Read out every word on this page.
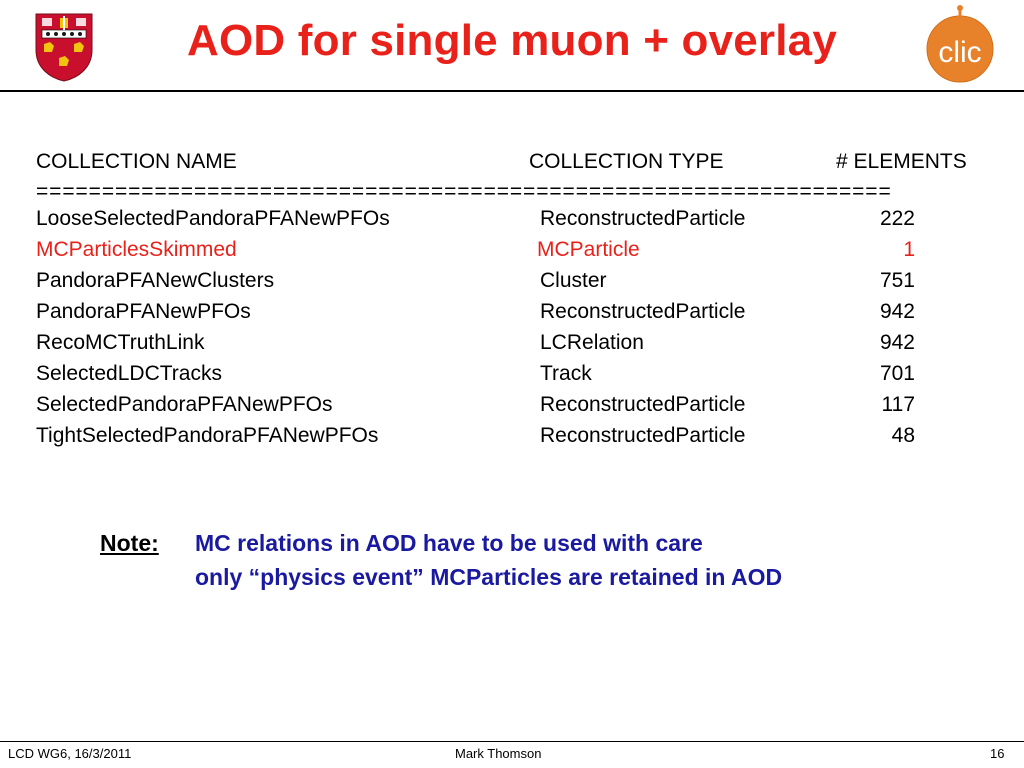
AOD for single muon + overlay	clic
COLLECTION NAME	COLLECTION TYPE	# ELEMENTS
=================================================================
LooseSelectedPandoraPFANewPFOs	ReconstructedParticle	222
MCParticlesSkimmed	MCParticle	1
PandoraPFANewClusters	Cluster	751
PandoraPFANewPFOs	ReconstructedParticle	942
RecoMCTruthLink	LCRelation	942
SelectedLDCTracks	Track	701
SelectedPandoraPFANewPFOs	ReconstructedParticle	117
TightSelectedPandoraPFANewPFOs	ReconstructedParticle	48
Note: MC relations in AOD have to be used with care
only “physics event” MCParticles are retained in AOD
LCD WG6, 16/3/2011	Mark Thomson	16
